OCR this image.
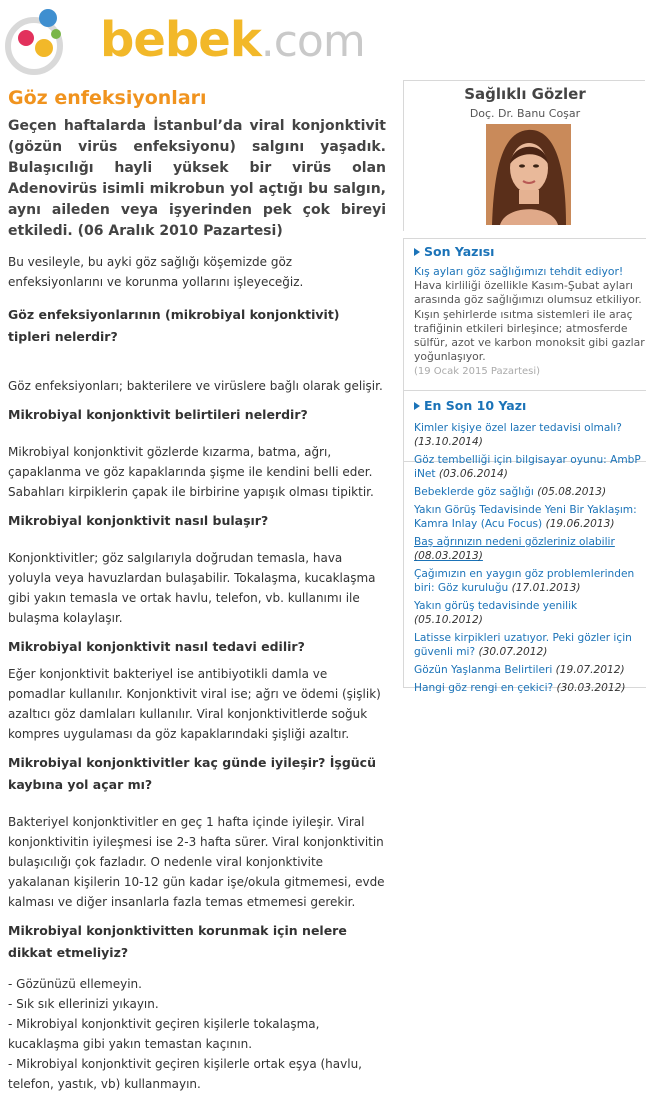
bebek.com
Göz enfeksiyonları

Geçen haftalarda İstanbul’da viral konjonktivit (gözün virüs enfeksiyonu) salgını yaşadık. Bulaşıcılığı hayli yüksek bir virüs olan Adenovirüs isimli mikrobun yol açtığı bu salgın, aynı aileden veya işyerinden pek çok bireyi etkiledi. (06 Aralık 2010 Pazartesi)

Bu vesileyle, bu ayki göz sağlığı köşemizde göz enfeksiyonlarını ve korunma yollarını işleyeceğiz.

Göz enfeksiyonlarının (mikrobiyal konjonktivit) tipleri nelerdir?

Göz enfeksiyonları; bakterilere ve virüslere bağlı olarak gelişir.

Mikrobiyal konjonktivit belirtileri nelerdir?

Mikrobiyal konjonktivit gözlerde kızarma, batma, ağrı, çapaklanma ve göz kapaklarında şişme ile kendini belli eder. Sabahları kirpiklerin çapak ile birbirine yapışık olması tipiktir.

Mikrobiyal konjonktivit nasıl bulaşır?

Konjonktivitler; göz salgılarıyla doğrudan temasla, hava yoluyla veya havuzlardan bulaşabilir. Tokalaşma, kucaklaşma gibi yakın temasla ve ortak havlu, telefon, vb. kullanımı ile bulaşma kolaylaşır.

Mikrobiyal konjonktivit nasıl tedavi edilir?

Eğer konjonktivit bakteriyel ise antibiyotikli damla ve pomadlar kullanılır. Konjonktivit viral ise; ağrı ve ödemi (şişlik) azaltıcı göz damlaları kullanılır. Viral konjonktivitlerde soğuk kompres uygulaması da göz kapaklarındaki şişliği azaltır.

Mikrobiyal konjonktivitler kaç günde iyileşir? İşgücü kaybına yol açar mı?

Bakteriyel konjonktivitler en geç 1 hafta içinde iyileşir. Viral konjonktivitin iyileşmesi ise 2-3 hafta sürer. Viral konjonktivitin bulaşıcılığı çok fazladır. O nedenle viral konjonktivite yakalanan kişilerin 10-12 gün kadar işe/okula gitmemesi, evde kalması ve diğer insanlarla fazla temas etmemesi gerekir.

Mikrobiyal konjonktivitten korunmak için nelere dikkat etmeliyiz?

- Gözünüzü ellemeyin.

- Sık sık ellerinizi yıkayın.

- Mikrobiyal konjonktivit geçiren kişilerle tokalaşma, kucaklaşma gibi yakın temastan kaçının.

- Mikrobiyal konjonktivit geçiren kişilerle ortak eşya (havlu, telefon, yastık, vb) kullanmayın.

Sağlıklı Gözler
Doç. Dr. Banu Coşar
Son Yazısı
Kış ayları göz sağlığımızı tehdit ediyor!
Hava kirliliği özellikle Kasım-Şubat ayları arasında göz sağlığımızı olumsuz etkiliyor. Kışın şehirlerde ısıtma sistemleri ile araç trafiğinin etkileri birleşince; atmosferde sülfür, azot ve karbon monoksit gibi gazlar yoğunlaşıyor.
(19 Ocak 2015 Pazartesi)
En Son 10 Yazı
Kimler kişiye özel lazer tedavisi olmalı? (13.10.2014)
Göz tembelliği için bilgisayar oyunu: AmbP iNet (03.06.2014)
Bebeklerde göz sağlığı (05.08.2013)
Yakın Görüş Tedavisinde Yeni Bir Yaklaşım: Kamra Inlay (Acu Focus) (19.06.2013)
Baş ağrınızın nedeni gözleriniz olabilir (08.03.2013)
Çağımızın en yaygın göz problemlerinden biri: Göz kuruluğu (17.01.2013)
Yakın görüş tedavisinde yenilik (05.10.2012)
Latisse kirpikleri uzatıyor. Peki gözler için güvenli mi? (30.07.2012)
Gözün Yaşlanma Belirtileri (19.07.2012)
Hangi göz rengi en çekici? (30.03.2012)
